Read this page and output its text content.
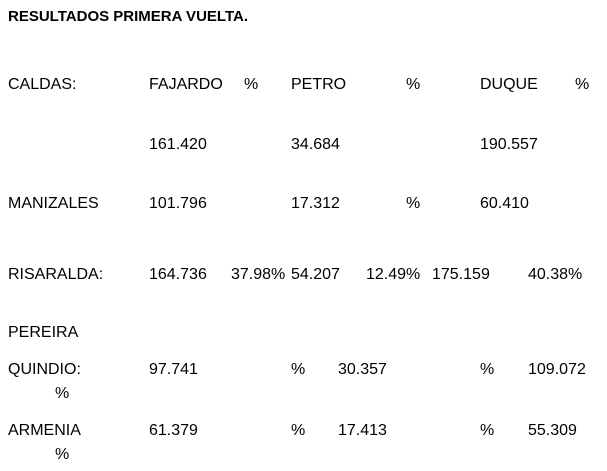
RESULTADOS PRIMERA VUELTA.
CALDAS:	FAJARDO % PETRO	%	DUQUE %
161.420	34.684	190.557
MANIZALES	101.796	17.312	%	60.410
RISARALDA:	164.736 37.98% 54.207 12.49% 175.159 40.38%
PEREIRA
QUINDIO:	97.741	% 30.357	% 109.072
%
ARMENIA	61.379	% 17.413	% 55.309
%
